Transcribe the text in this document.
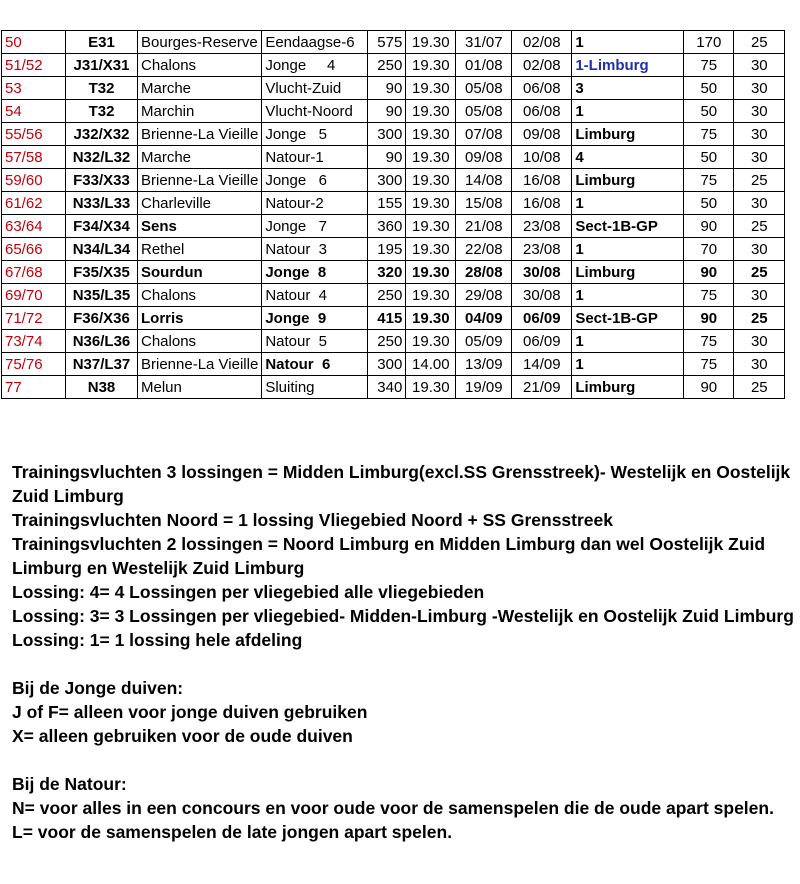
50	E31	Bourges-Reserve	Eendaagse-6	575	19.30	31/07	02/08	1	170	25
51/52	J31/X31	Chalons	Jonge     4	250	19.30	01/08	02/08	1-Limburg	75	30
53	T32	Marche	Vlucht-Zuid	90	19.30	05/08	06/08	3	50	30
54	T32	Marchin	Vlucht-Noord	90	19.30	05/08	06/08	1	50	30
55/56	J32/X32	Brienne-La Vieille	Jonge   5	300	19.30	07/08	09/08	Limburg	75	30
57/58	N32/L32	Marche	Natour-1	90	19.30	09/08	10/08	4	50	30
59/60	F33/X33	Brienne-La Vieille	Jonge   6	300	19.30	14/08	16/08	Limburg	75	25
61/62	N33/L33	Charleville	Natour-2	155	19.30	15/08	16/08	1	50	30
63/64	F34/X34	Sens	Jonge   7	360	19.30	21/08	23/08	Sect-1B-GP	90	25
65/66	N34/L34	Rethel	Natour  3	195	19.30	22/08	23/08	1	70	30
67/68	F35/X35	Sourdun	Jonge  8	320	19.30	28/08	30/08	Limburg	90	25
69/70	N35/L35	Chalons	Natour  4	250	19.30	29/08	30/08	1	75	30
71/72	F36/X36	Lorris	Jonge  9	415	19.30	04/09	06/09	Sect-1B-GP	90	25
73/74	N36/L36	Chalons	Natour  5	250	19.30	05/09	06/09	1	75	30
75/76	N37/L37	Brienne-La Vieille	Natour  6	300	14.00	13/09	14/09	1	75	30
77	N38	Melun	Sluiting	340	19.30	19/09	21/09	Limburg	90	25

Trainingsvluchten 3 lossingen = Midden Limburg(excl.SS Grensstreek)- Westelijk en Oostelijk Zuid Limburg

Trainingsvluchten Noord = 1 lossing Vliegebied Noord + SS Grensstreek

Trainingsvluchten 2 lossingen = Noord Limburg en Midden Limburg dan wel Oostelijk Zuid Limburg en Westelijk Zuid Limburg

Lossing: 4= 4 Lossingen per vliegebied alle vliegebieden

Lossing: 3= 3 Lossingen per vliegebied- Midden-Limburg -Westelijk en Oostelijk Zuid Limburg

Lossing: 1= 1 lossing hele afdeling

Bij de Jonge duiven:

J of F= alleen voor jonge duiven gebruiken

X= alleen gebruiken voor de oude duiven

Bij de Natour:

N= voor alles in een concours en voor oude voor de samenspelen die de oude apart spelen.

L= voor de samenspelen de late jongen apart spelen.
